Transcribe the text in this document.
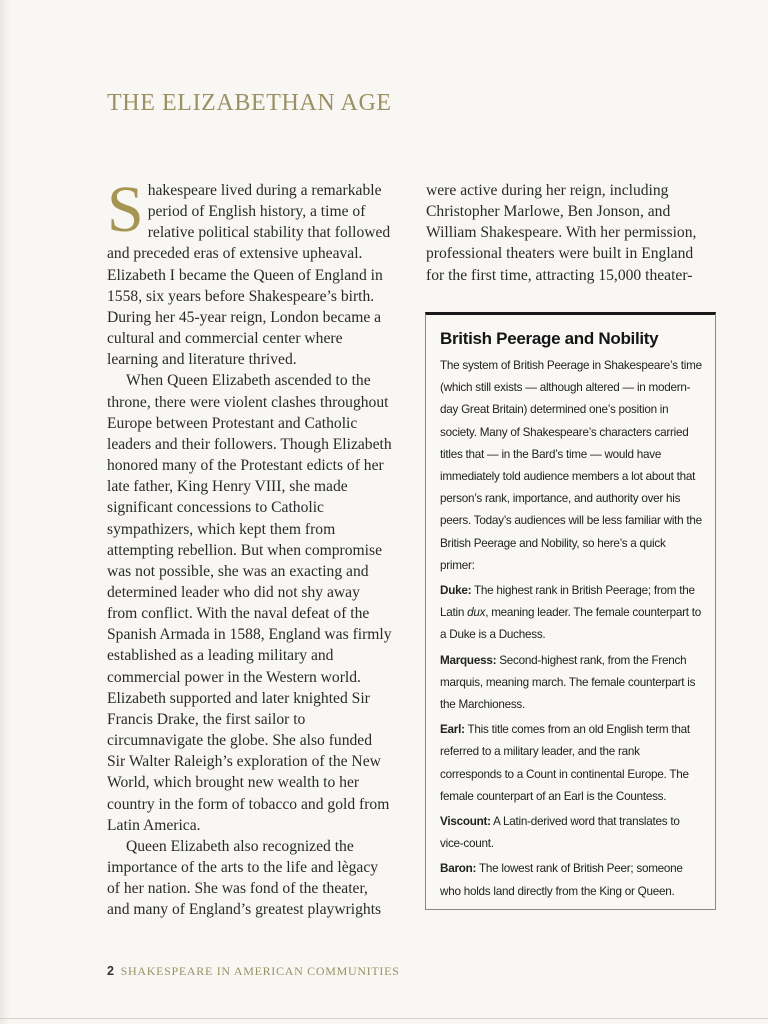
THE ELIZABETHAN AGE

Shakespeare lived during a remarkable period of English history, a time of relative political stability that followed and preceded eras of extensive upheaval. Elizabeth I became the Queen of England in 1558, six years before Shakespeare’s birth. During her 45-year reign, London became a cultural and commercial center where learning and literature thrived.

When Queen Elizabeth ascended to the throne, there were violent clashes throughout Europe between Protestant and Catholic leaders and their followers. Though Elizabeth honored many of the Protestant edicts of her late father, King Henry VIII, she made significant concessions to Catholic sympathizers, which kept them from attempting rebellion. But when compromise was not possible, she was an exacting and determined leader who did not shy away from conflict. With the naval defeat of the Spanish Armada in 1588, England was firmly established as a leading military and commercial power in the Western world. Elizabeth supported and later knighted Sir Francis Drake, the first sailor to circumnavigate the globe. She also funded Sir Walter Raleigh’s exploration of the New World, which brought new wealth to her country in the form of tobacco and gold from Latin America.

Queen Elizabeth also recognized the importance of the arts to the life and lègacy of her nation. She was fond of the theater, and many of England’s greatest playwrights

were active during her reign, including Christopher Marlowe, Ben Jonson, and William Shakespeare. With her permission, professional theaters were built in England for the first time, attracting 15,000 theater-

British Peerage and Nobility

The system of British Peerage in Shakespeare’s time (which still exists — although altered — in modern-day Great Britain) determined one’s position in society. Many of Shakespeare’s characters carried titles that — in the Bard’s time — would have immediately told audience members a lot about that person’s rank, importance, and authority over his peers. Today’s audiences will be less familiar with the British Peerage and Nobility, so here’s a quick primer:

Duke: The highest rank in British Peerage; from the Latin dux, meaning leader. The female counterpart to a Duke is a Duchess.

Marquess: Second-highest rank, from the French marquis, meaning march. The female counterpart is the Marchioness.

Earl: This title comes from an old English term that referred to a military leader, and the rank corresponds to a Count in continental Europe. The female counterpart of an Earl is the Countess.

Viscount: A Latin-derived word that translates to vice-count.

Baron: The lowest rank of British Peer; someone who holds land directly from the King or Queen.

2 SHAKESPEARE IN AMERICAN COMMUNITIES
